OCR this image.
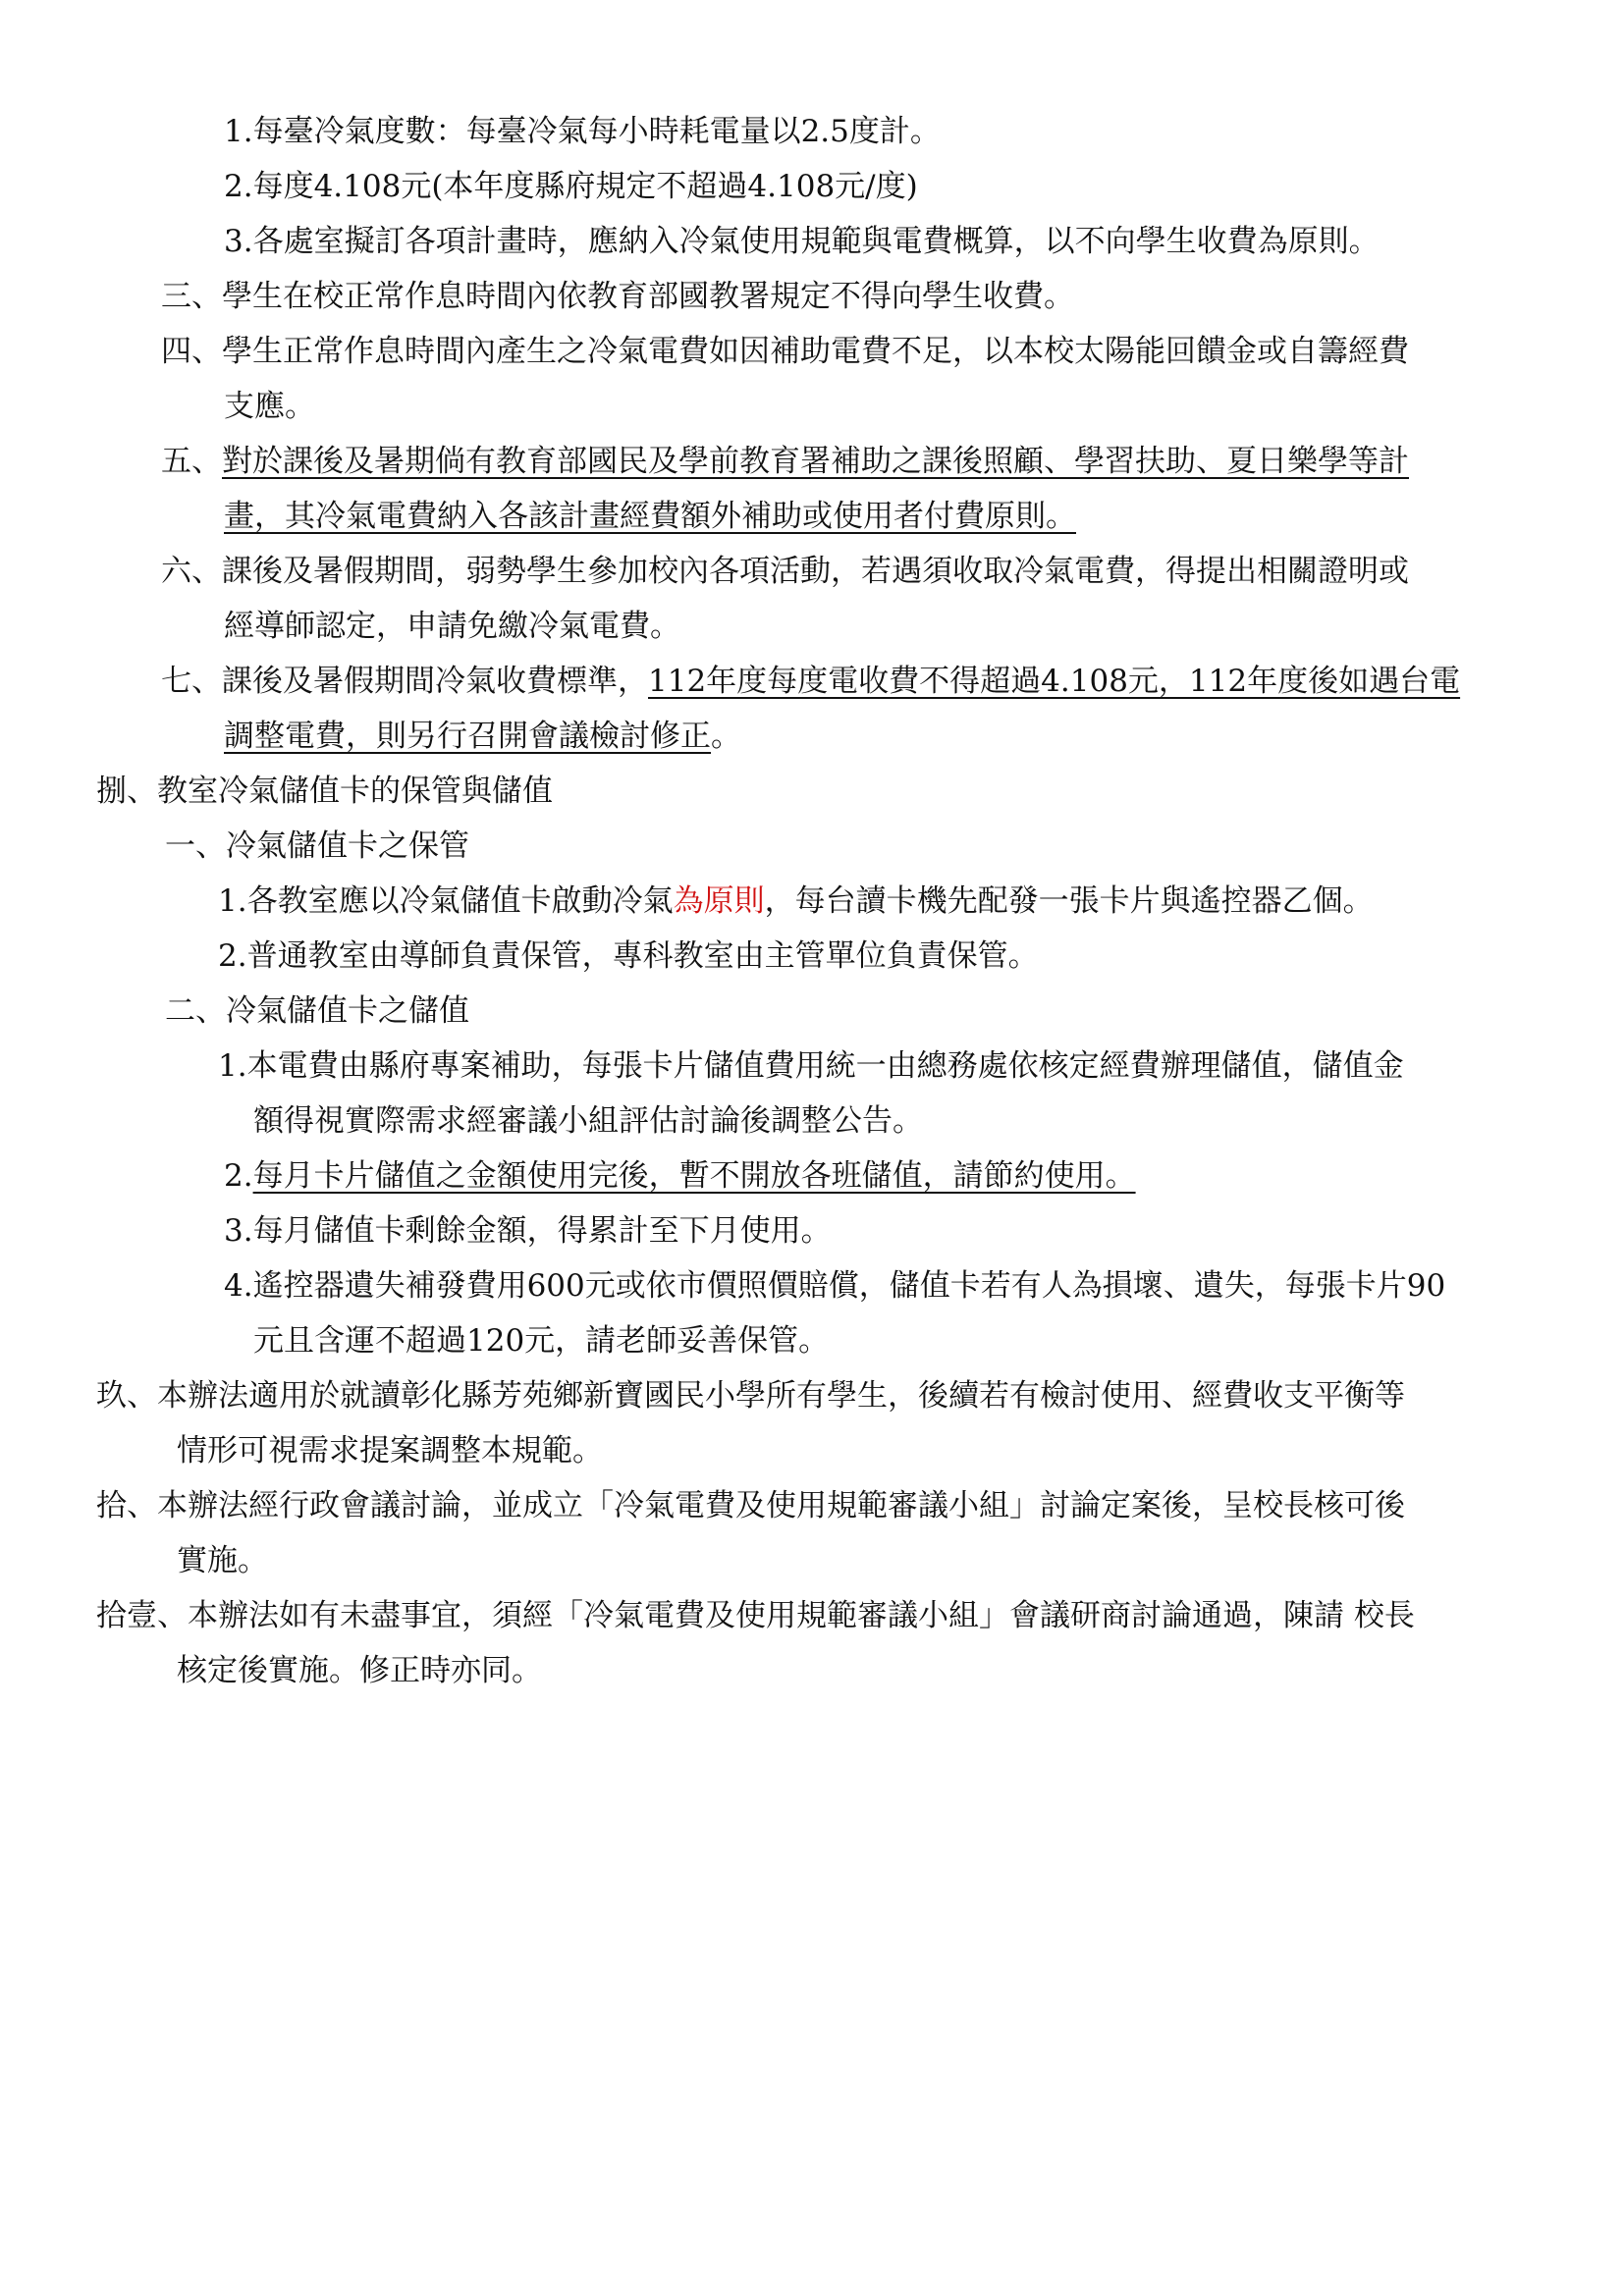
1.每臺冷氣度數：每臺冷氣每小時耗電量以2.5度計。
2.每度4.108元(本年度縣府規定不超過4.108元/度)
3.各處室擬訂各項計畫時，應納入冷氣使用規範與電費概算，以不向學生收費為原則。
三、學生在校正常作息時間內依教育部國教署規定不得向學生收費。
四、學生正常作息時間內產生之冷氣電費如因補助電費不足，以本校太陽能回饋金或自籌經費
支應。
五、對於課後及暑期倘有教育部國民及學前教育署補助之課後照顧、學習扶助、夏日樂學等計
畫，其冷氣電費納入各該計畫經費額外補助或使用者付費原則。
六、課後及暑假期間，弱勢學生參加校內各項活動，若遇須收取冷氣電費，得提出相關證明或
經導師認定，申請免繳冷氣電費。
七、課後及暑假期間冷氣收費標準，112年度每度電收費不得超過4.108元，112年度後如遇台電
調整電費，則另行召開會議檢討修正。
捌、教室冷氣儲值卡的保管與儲值
一、冷氣儲值卡之保管
1.各教室應以冷氣儲值卡啟動冷氣為原則，每台讀卡機先配發一張卡片與遙控器乙個。
2.普通教室由導師負責保管，專科教室由主管單位負責保管。
二、冷氣儲值卡之儲值
1.本電費由縣府專案補助，每張卡片儲值費用統一由總務處依核定經費辦理儲值，儲值金
額得視實際需求經審議小組評估討論後調整公告。
2.每月卡片儲值之金額使用完後，暫不開放各班儲值，請節約使用。
3.每月儲值卡剩餘金額，得累計至下月使用。
4.遙控器遺失補發費用600元或依市價照價賠償，儲值卡若有人為損壞、遺失，每張卡片90
元且含運不超過120元，請老師妥善保管。
玖、本辦法適用於就讀彰化縣芳苑鄉新寶國民小學所有學生，後續若有檢討使用、經費收支平衡等
情形可視需求提案調整本規範。
拾、本辦法經行政會議討論，並成立「冷氣電費及使用規範審議小組」討論定案後，呈校長核可後
實施。
拾壹、本辦法如有未盡事宜，須經「冷氣電費及使用規範審議小組」會議研商討論通過，陳請 校長
核定後實施。修正時亦同。
